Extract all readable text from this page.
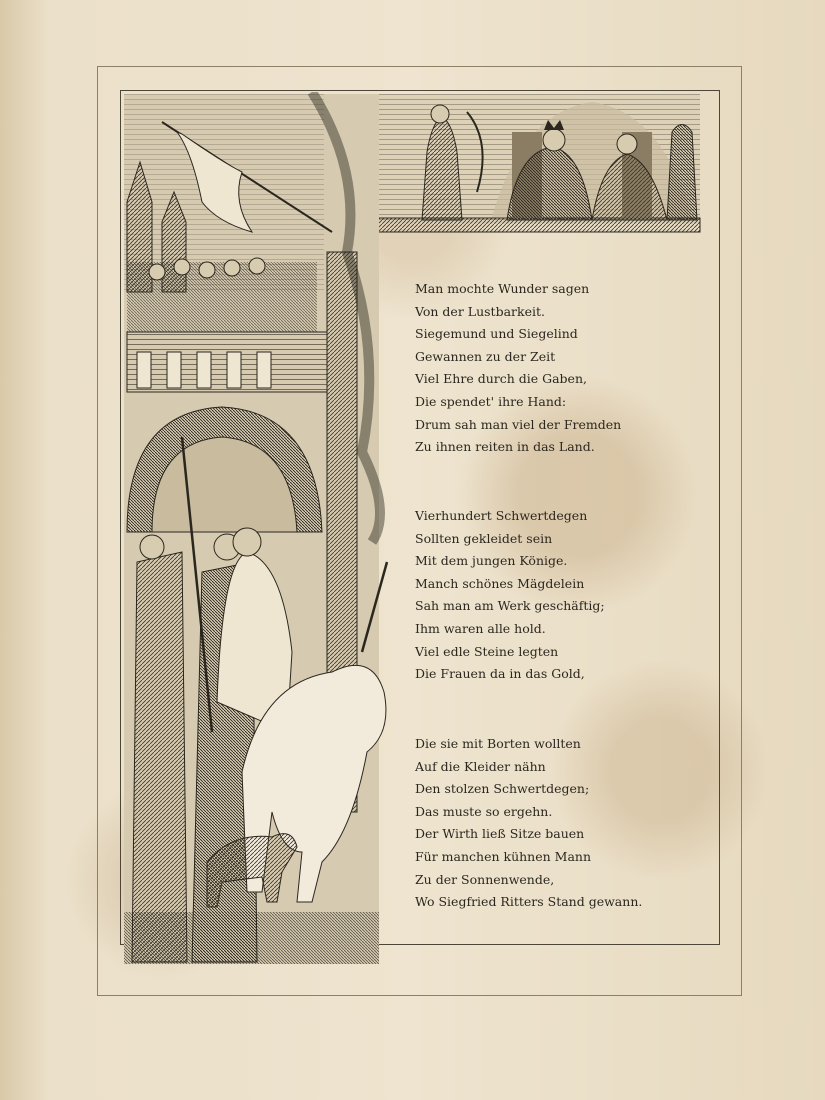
Man mochte Wunder sagen
Von der Lustbarkeit.
Siegemund und Siegelind
Gewannen zu der Zeit
Viel Ehre durch die Gaben,
Die spendet' ihre Hand:
Drum sah man viel der Fremden
Zu ihnen reiten in das Land.
Vierhundert Schwertdegen
Sollten gekleidet sein
Mit dem jungen Könige.
Manch schönes Mägdelein
Sah man am Werk geschäftig;
Ihm waren alle hold.
Viel edle Steine legten
Die Frauen da in das Gold,
Die sie mit Borten wollten
Auf die Kleider nähn
Den stolzen Schwertdegen;
Das muste so ergehn.
Der Wirth ließ Sitze bauen
Für manchen kühnen Mann
Zu der Sonnenwende,
Wo Siegfried Ritters Stand gewann.
